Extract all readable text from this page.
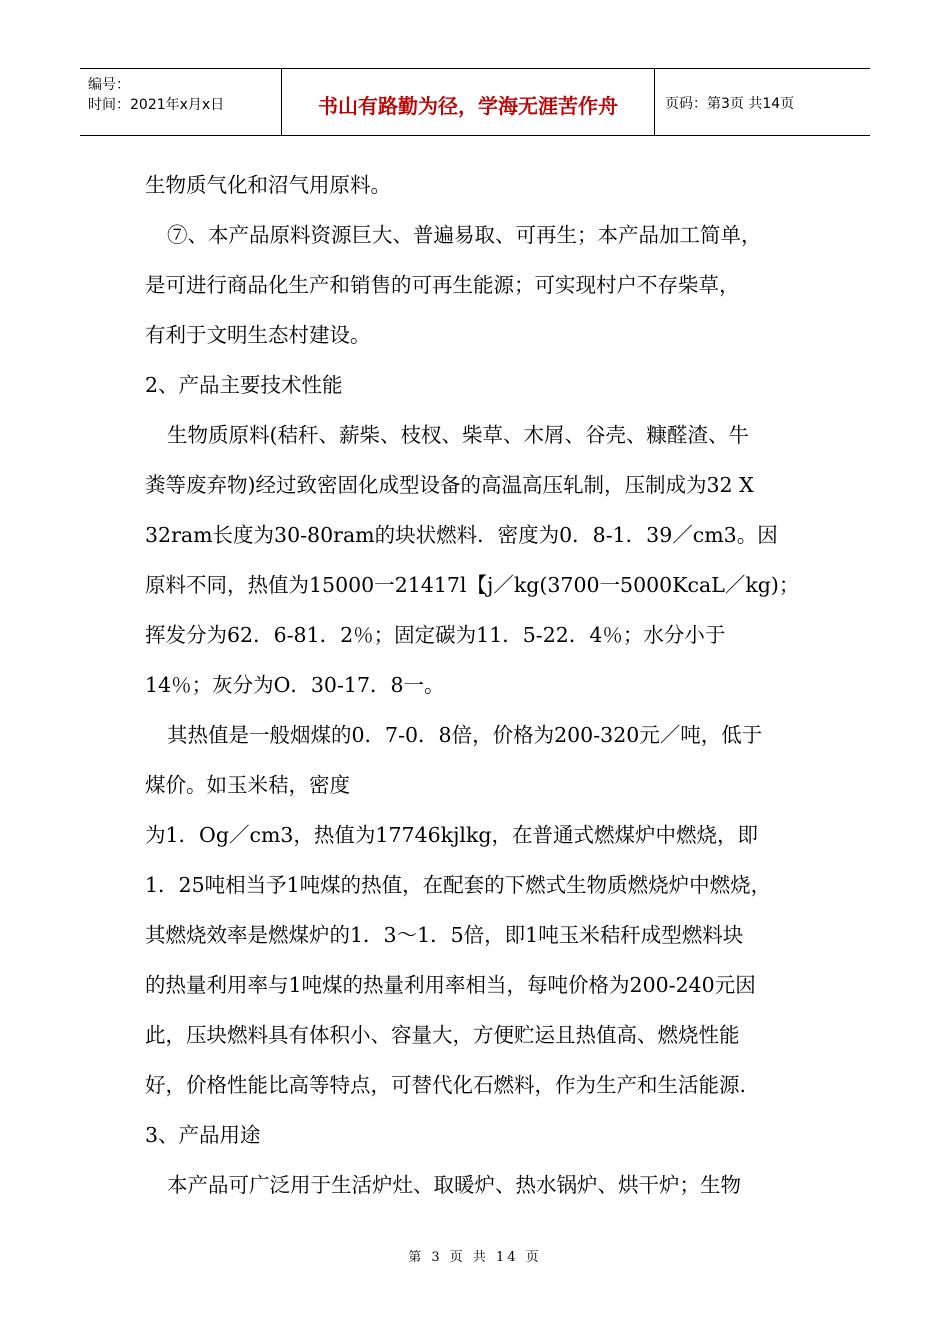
编号：
时间：2021年x月x日	书山有路勤为径，学海无涯苦作舟	页码：第3页 共14页
生物质气化和沼气用原料。
⑦、本产品原料资源巨大、普遍易取、可再生；本产品加工简单，
是可进行商品化生产和销售的可再生能源；可实现村户不存柴草，
有利于文明生态村建设。
2、产品主要技术性能
生物质原料(秸秆、薪柴、枝杈、柴草、木屑、谷壳、糠醛渣、牛
粪等废弃物)经过致密固化成型设备的高温高压轧制，压制成为32 X
32ram长度为30-80ram的块状燃料．密度为0．8-1．39／cm3。因
原料不同，热值为15000一21417l【j／kg(3700一5000KcaL／kg)；
挥发分为62．6-81．2％；固定碳为11．5-22．4％；水分小于
14％；灰分为O．30-17．8一。
其热值是一般烟煤的0．7-0．8倍，价格为200-320元／吨，低于
煤价。如玉米秸，密度
为1．Og／cm3，热值为17746kjlkg，在普通式燃煤炉中燃烧，即
1．25吨相当予1吨煤的热值，在配套的下燃式生物质燃烧炉中燃烧，
其燃烧效率是燃煤炉的1．3～1．5倍，即1吨玉米秸秆成型燃料块
的热量利用率与1吨煤的热量利用率相当，每吨价格为200-240元因
此，压块燃料具有体积小、容量大，方便贮运且热值高、燃烧性能
好，价格性能比高等特点，可替代化石燃料，作为生产和生活能源.
3、产品用途
本产品可广泛用于生活炉灶、取暖炉、热水锅炉、烘干炉；生物
第 3 页 共 14 页
